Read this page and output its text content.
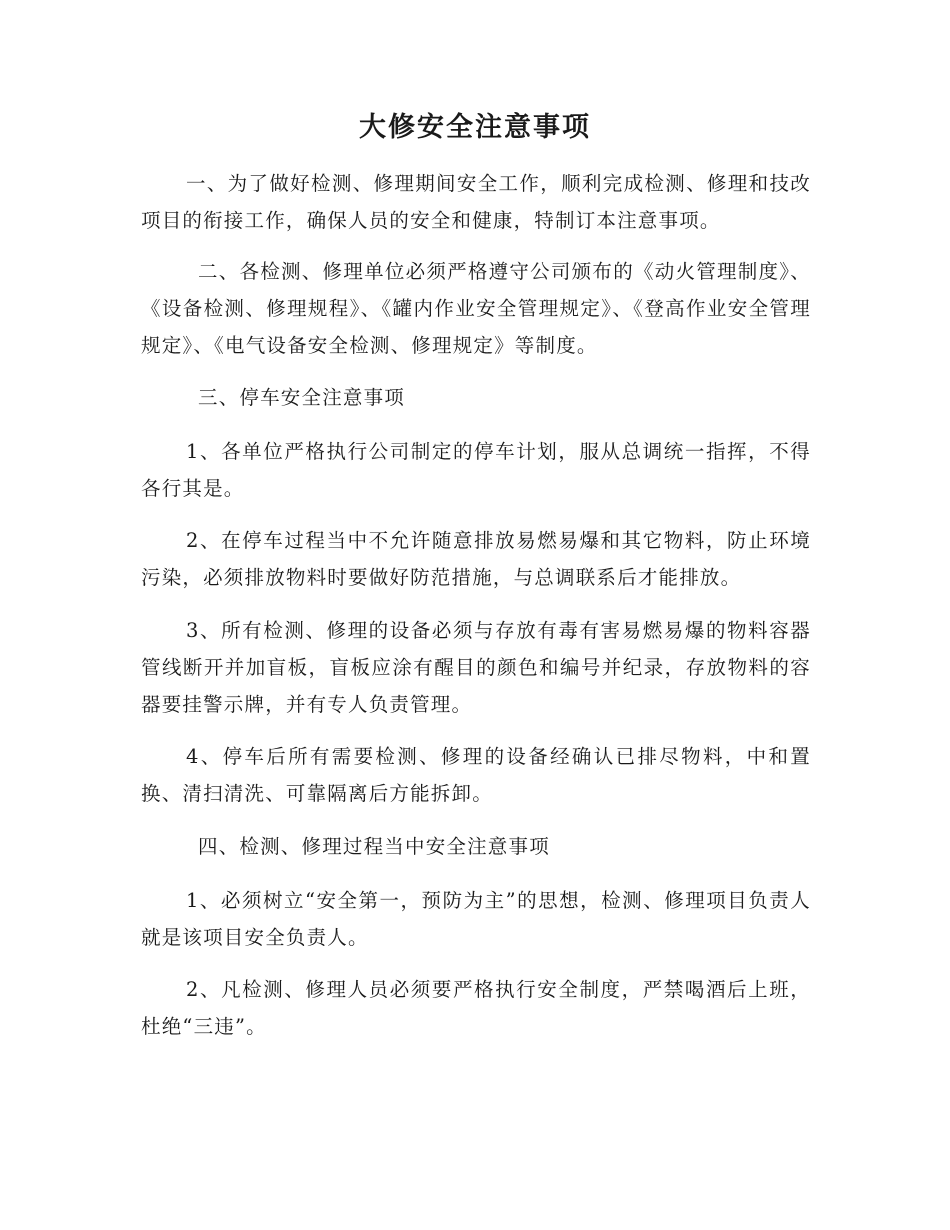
大修安全注意事项

一、为了做好检测、修理期间安全工作，顺利完成检测、修理和技改项目的衔接工作，确保人员的安全和健康，特制订本注意事项。

二、各检测、修理单位必须严格遵守公司颁布的《动火管理制度》、《设备检测、修理规程》、《罐内作业安全管理规定》、《登高作业安全管理规定》、《电气设备安全检测、修理规定》等制度。

三、停车安全注意事项

1、各单位严格执行公司制定的停车计划，服从总调统一指挥，不得各行其是。

2、在停车过程当中不允许随意排放易燃易爆和其它物料，防止环境污染，必须排放物料时要做好防范措施，与总调联系后才能排放。

3、所有检测、修理的设备必须与存放有毒有害易燃易爆的物料容器管线断开并加盲板，盲板应涂有醒目的颜色和编号并纪录，存放物料的容器要挂警示牌，并有专人负责管理。

4、停车后所有需要检测、修理的设备经确认已排尽物料，中和置换、清扫清洗、可靠隔离后方能拆卸。

四、检测、修理过程当中安全注意事项

1、必须树立“安全第一，预防为主”的思想，检测、修理项目负责人就是该项目安全负责人。

2、凡检测、修理人员必须要严格执行安全制度，严禁喝酒后上班，杜绝“三违”。
